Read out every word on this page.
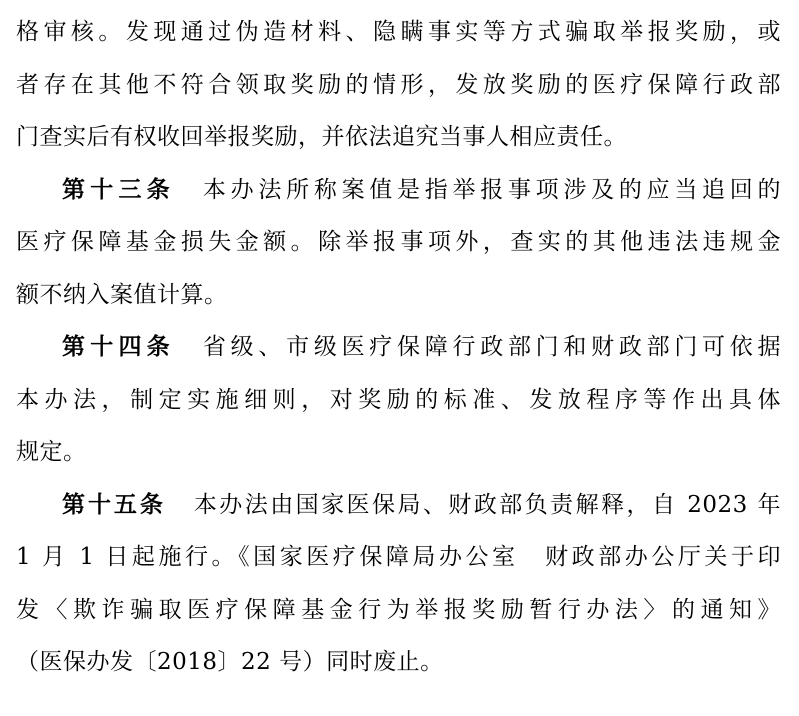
格审核。发现通过伪造材料、隐瞒事实等方式骗取举报奖励，或
者存在其他不符合领取奖励的情形，发放奖励的医疗保障行政部
门查实后有权收回举报奖励，并依法追究当事人相应责任。
第十三条 本办法所称案值是指举报事项涉及的应当追回的
医疗保障基金损失金额。除举报事项外，查实的其他违法违规金
额不纳入案值计算。
第十四条 省级、市级医疗保障行政部门和财政部门可依据
本办法，制定实施细则，对奖励的标准、发放程序等作出具体
规定。
第十五条 本办法由国家医保局、财政部负责解释，自 2023 年
1 月 1 日起施行。《国家医疗保障局办公室　财政部办公厅关于印
发〈欺诈骗取医疗保障基金行为举报奖励暂行办法〉的通知》
（医保办发〔2018〕22 号）同时废止。
